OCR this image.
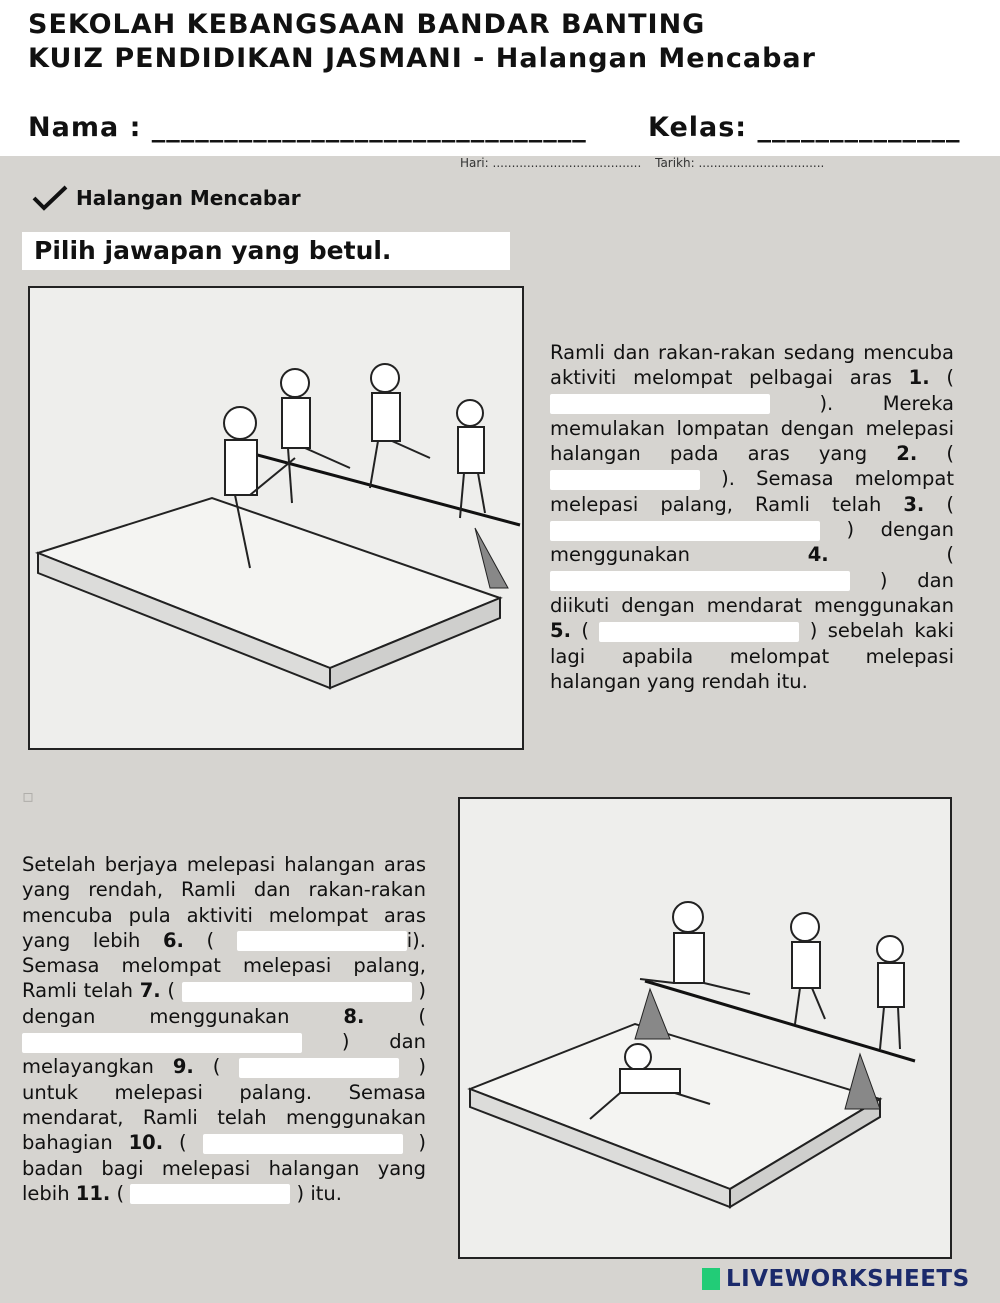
SEKOLAH KEBANGSAAN BANDAR BANTING
KUIZ PENDIDIKAN JASMANI - Halangan Mencabar
Nama : ______________________________ Kelas: ______________
Hari: ....................................... Tarikh: .................................
Halangan Mencabar
Pilih jawapan yang betul.
Ramli dan rakan-rakan sedang mencuba aktiviti melompat pelbagai aras 1. (  ). Mereka memulakan lompatan dengan melepasi halangan pada aras yang 2. (  ). Semasa melompat melepasi palang, Ramli telah 3. (  ) dengan menggunakan 4. (  ) dan diikuti dengan mendarat menggunakan 5. (	) sebelah kaki lagi apabila melompat melepasi halangan yang rendah itu.
▫
Setelah berjaya melepasi halangan aras yang rendah, Ramli dan rakan-rakan mencuba pula aktiviti melompat aras yang lebih 6. (	i). Semasa melompat melepasi palang, Ramli telah 7. (	) dengan menggunakan 8. (  ) dan melayangkan 9. (	) untuk melepasi palang. Semasa mendarat, Ramli telah menggunakan bahagian 10. (	) badan bagi melepasi halangan yang lebih 11. (	) itu.
LIVEWORKSHEETS
